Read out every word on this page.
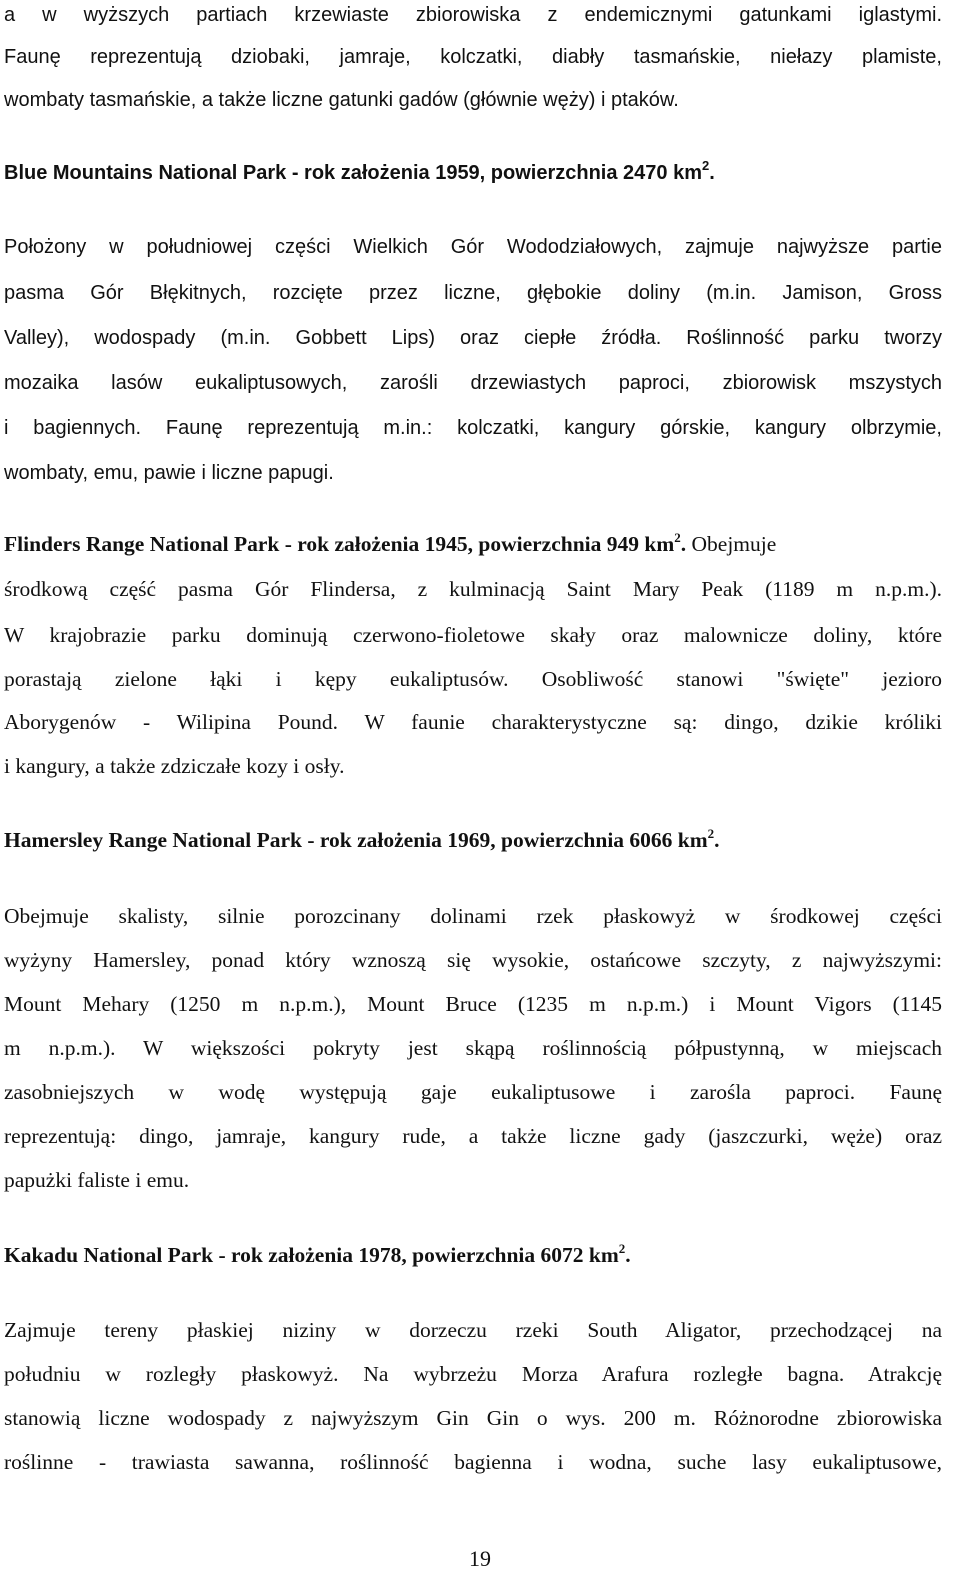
a w wyższych partiach krzewiaste zbiorowiska z endemicznymi gatunkami iglastymi.
Faunę reprezentują dziobaki, jamraje, kolczatki, diabły tasmańskie, niełazy plamiste,
wombaty tasmańskie, a także liczne gatunki gadów (głównie węży) i ptaków.
Blue Mountains National Park - rok założenia 1959, powierzchnia 2470 $km^2$.
Położony w południowej części Wielkich Gór Wododziałowych, zajmuje najwyższe partie
pasma Gór Błękitnych, rozcięte przez liczne, głębokie doliny (m.in. Jamison, Gross
Valley), wodospady (m.in. Gobbett Lips) oraz ciepłe źródła. Roślinność parku tworzy
mozaika lasów eukaliptusowych, zarośli drzewiastych paproci, zbiorowisk mszystych
i bagiennych. Faunę reprezentują m.in.: kolczatki, kangury górskie, kangury olbrzymie,
wombaty, emu, pawie i liczne papugi.
Flinders Range National Park - rok założenia 1945, powierzchnia 949 $km^2$. Obejmuje
środkową część pasma Gór Flindersa, z kulminacją Saint Mary Peak (1189 m n.p.m.).
W krajobrazie parku dominują czerwono-fioletowe skały oraz malownicze doliny, które
porastają zielone łąki i kępy eukaliptusów. Osobliwość stanowi "święte" jezioro
Aborygenów - Wilipina Pound. W faunie charakterystyczne są: dingo, dzikie króliki
i kangury, a także zdziczałe kozy i osły.
Hamersley Range National Park - rok założenia 1969, powierzchnia 6066 $km^2$.
Obejmuje skalisty, silnie porozcinany dolinami rzek płaskowyż w środkowej części
wyżyny Hamersley, ponad który wznoszą się wysokie, ostańcowe szczyty, z najwyższymi:
Mount Mehary (1250 m n.p.m.), Mount Bruce (1235 m n.p.m.) i Mount Vigors (1145
m n.p.m.). W większości pokryty jest skąpą roślinnością półpustynną, w miejscach
zasobniejszych w wodę występują gaje eukaliptusowe i zarośla paproci. Faunę
reprezentują: dingo, jamraje, kangury rude, a także liczne gady (jaszczurki, węże) oraz
papużki faliste i emu.
Kakadu National Park - rok założenia 1978, powierzchnia 6072 $km^2$.
Zajmuje tereny płaskiej niziny w dorzeczu rzeki South Aligator, przechodzącej na
południu w rozległy płaskowyż. Na wybrzeżu Morza Arafura rozległe bagna. Atrakcję
stanowią liczne wodospady z najwyższym Gin Gin o wys. 200 m. Różnorodne zbiorowiska
roślinne - trawiasta sawanna, roślinność bagienna i wodna, suche lasy eukaliptusowe,
19
